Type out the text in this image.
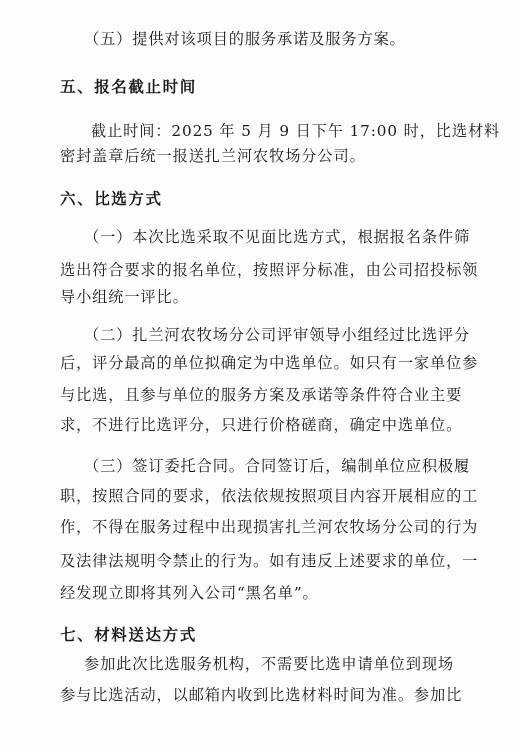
（五）提供对该项目的服务承诺及服务方案。
五、报名截止时间
截止时间：2025 年 5 月 9 日下午 17:00 时，比选材料
密封盖章后统一报送扎兰河农牧场分公司。
六、比选方式
（一）本次比选采取不见面比选方式，根据报名条件筛
选出符合要求的报名单位，按照评分标准，由公司招投标领
导小组统一评比。
（二）扎兰河农牧场分公司评审领导小组经过比选评分
后，评分最高的单位拟确定为中选单位。如只有一家单位参
与比选，且参与单位的服务方案及承诺等条件符合业主要
求，不进行比选评分，只进行价格磋商，确定中选单位。
（三）签订委托合同。合同签订后，编制单位应积极履
职，按照合同的要求，依法依规按照项目内容开展相应的工
作，不得在服务过程中出现损害扎兰河农牧场分公司的行为
及法律法规明令禁止的行为。如有违反上述要求的单位，一
经发现立即将其列入公司“黑名单”。
七、材料送达方式
参加此次比选服务机构，不需要比选申请单位到现场
参与比选活动，以邮箱内收到比选材料时间为准。参加比
